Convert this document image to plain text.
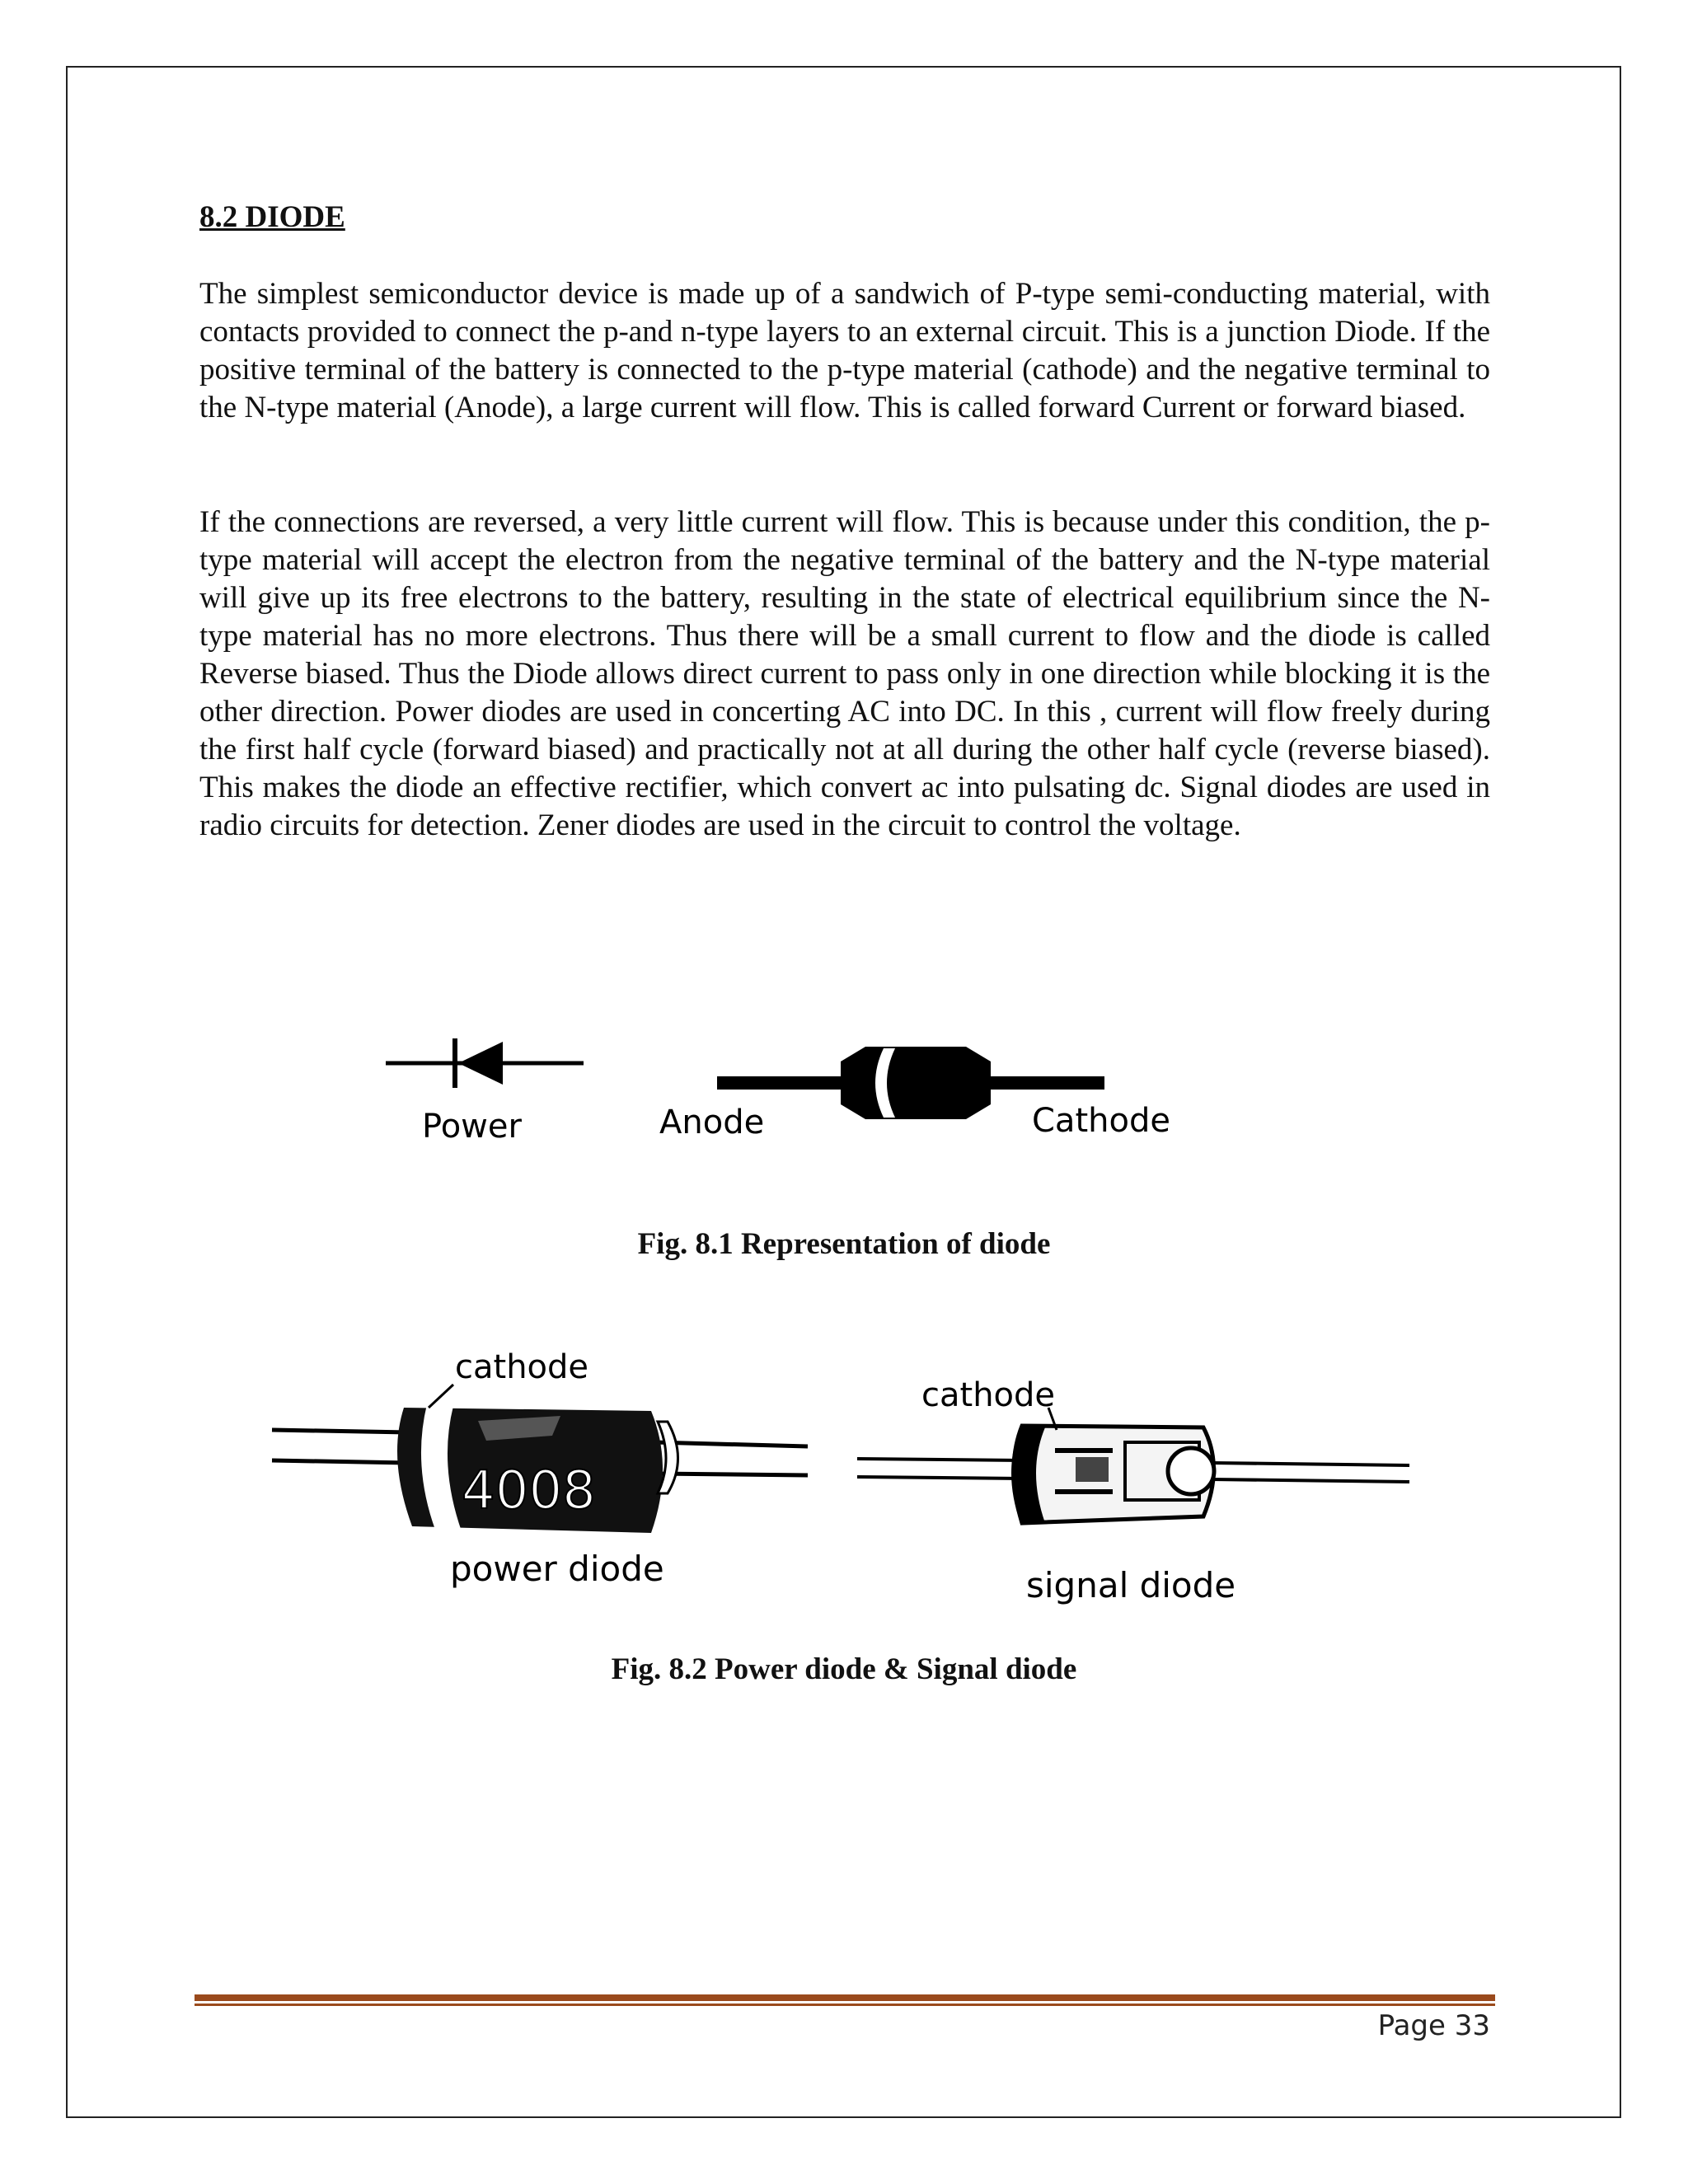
8.2 DIODE

The simplest semiconductor device is made up of a sandwich of P-type semi-conducting material, with contacts provided to connect the p-and n-type layers to an external circuit. This is a junction Diode. If the positive terminal of the battery is connected to the p-type material (cathode) and the negative terminal to the N-type material (Anode), a large current will flow. This is called forward Current or forward biased.

If the connections are reversed, a very little current will flow. This is because under this condition, the p-type material will accept the electron from the negative terminal of the battery and the N-type material will give up its free electrons to the battery, resulting in the state of electrical equilibrium since the N-type material has no more electrons. Thus there will be a small current to flow and the diode is called Reverse biased. Thus the Diode allows direct current to pass only in one direction while blocking it is the other direction. Power diodes are used in concerting AC into DC. In this , current will flow freely during the first half cycle (forward biased) and practically not at all during the other half cycle (reverse biased). This makes the diode an effective rectifier, which convert ac into pulsating dc. Signal diodes are used in radio circuits for detection. Zener diodes are used in the circuit to control the voltage.

Power	Anode	Cathode
Fig. 8.1 Representation of diode
cathode
4008
power diode
cathode
signal diode
Fig. 8.2 Power diode & Signal diode
Page 33
